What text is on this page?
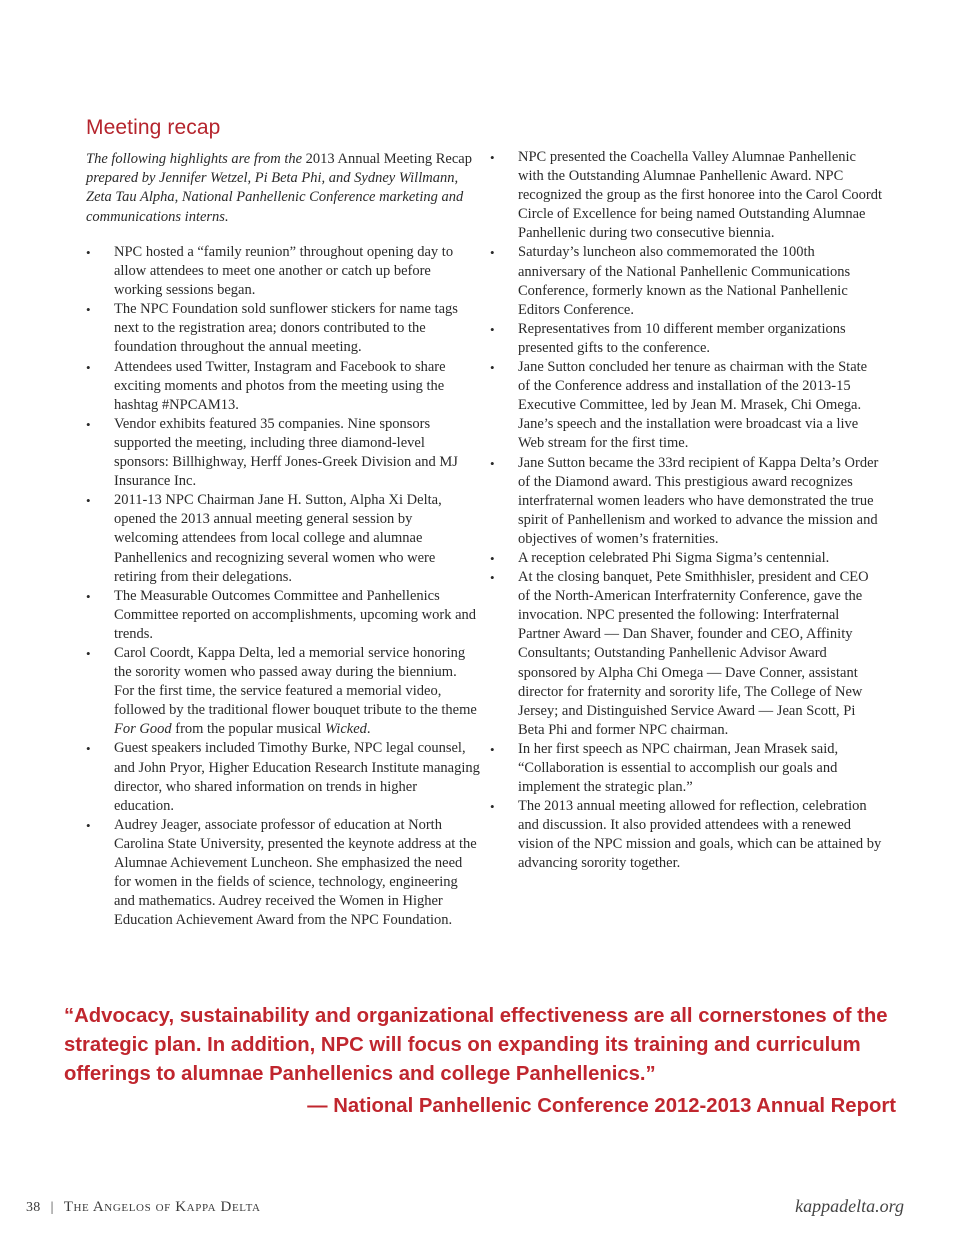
Meeting recap

The following highlights are from the 2013 Annual Meeting Recap prepared by Jennifer Wetzel, Pi Beta Phi, and Sydney Willmann, Zeta Tau Alpha, National Panhellenic Conference marketing and communications interns.

• NPC hosted a “family reunion” throughout opening day to allow attendees to meet one another or catch up before working sessions began.
• The NPC Foundation sold sunflower stickers for name tags next to the registration area; donors contributed to the foundation throughout the annual meeting.
• Attendees used Twitter, Instagram and Facebook to share exciting moments and photos from the meeting using the hashtag #NPCAM13.
• Vendor exhibits featured 35 companies. Nine sponsors supported the meeting, including three diamond-level sponsors: Billhighway, Herff Jones-Greek Division and MJ Insurance Inc.
• 2011-13 NPC Chairman Jane H. Sutton, Alpha Xi Delta, opened the 2013 annual meeting general session by welcoming attendees from local college and alumnae Panhellenics and recognizing several women who were retiring from their delegations.
• The Measurable Outcomes Committee and Panhellenics Committee reported on accomplishments, upcoming work and trends.
• Carol Coordt, Kappa Delta, led a memorial service honoring the sorority women who passed away during the biennium. For the first time, the service featured a memorial video, followed by the traditional flower bouquet tribute to the theme For Good from the popular musical Wicked.
• Guest speakers included Timothy Burke, NPC legal counsel, and John Pryor, Higher Education Research Institute managing director, who shared information on trends in higher education.
• Audrey Jeager, associate professor of education at North Carolina State University, presented the keynote address at the Alumnae Achievement Luncheon. She emphasized the need for women in the fields of science, technology, engineering and mathematics. Audrey received the Women in Higher Education Achievement Award from the NPC Foundation.
• NPC presented the Coachella Valley Alumnae Panhellenic with the Outstanding Alumnae Panhellenic Award. NPC recognized the group as the first honoree into the Carol Coordt Circle of Excellence for being named Outstanding Alumnae Panhellenic during two consecutive biennia.
• Saturday’s luncheon also commemorated the 100th anniversary of the National Panhellenic Communications Conference, formerly known as the National Panhellenic Editors Conference.
• Representatives from 10 different member organizations presented gifts to the conference.
• Jane Sutton concluded her tenure as chairman with the State of the Conference address and installation of the 2013-15 Executive Committee, led by Jean M. Mrasek, Chi Omega. Jane’s speech and the installation were broadcast via a live Web stream for the first time.
• Jane Sutton became the 33rd recipient of Kappa Delta’s Order of the Diamond award. This prestigious award recognizes interfraternal women leaders who have demonstrated the true spirit of Panhellenism and worked to advance the mission and objectives of women’s fraternities.
• A reception celebrated Phi Sigma Sigma’s centennial.
• At the closing banquet, Pete Smithhisler, president and CEO of the North-American Interfraternity Conference, gave the invocation. NPC presented the following: Interfraternal Partner Award — Dan Shaver, founder and CEO, Affinity Consultants; Outstanding Panhellenic Advisor Award sponsored by Alpha Chi Omega — Dave Conner, assistant director for fraternity and sorority life, The College of New Jersey; and Distinguished Service Award — Jean Scott, Pi Beta Phi and former NPC chairman.
• In her first speech as NPC chairman, Jean Mrasek said, “Collaboration is essential to accomplish our goals and implement the strategic plan.”
• The 2013 annual meeting allowed for reflection, celebration and discussion. It also provided attendees with a renewed vision of the NPC mission and goals, which can be attained by advancing sorority together.

“Advocacy, sustainability and organizational effectiveness are all cornerstones of the strategic plan. In addition, NPC will focus on expanding its training and curriculum offerings to alumnae Panhellenics and college Panhellenics.”

— National Panhellenic Conference 2012-2013 Annual Report

38 | The Angelos of Kappa Delta	kappadelta.org
